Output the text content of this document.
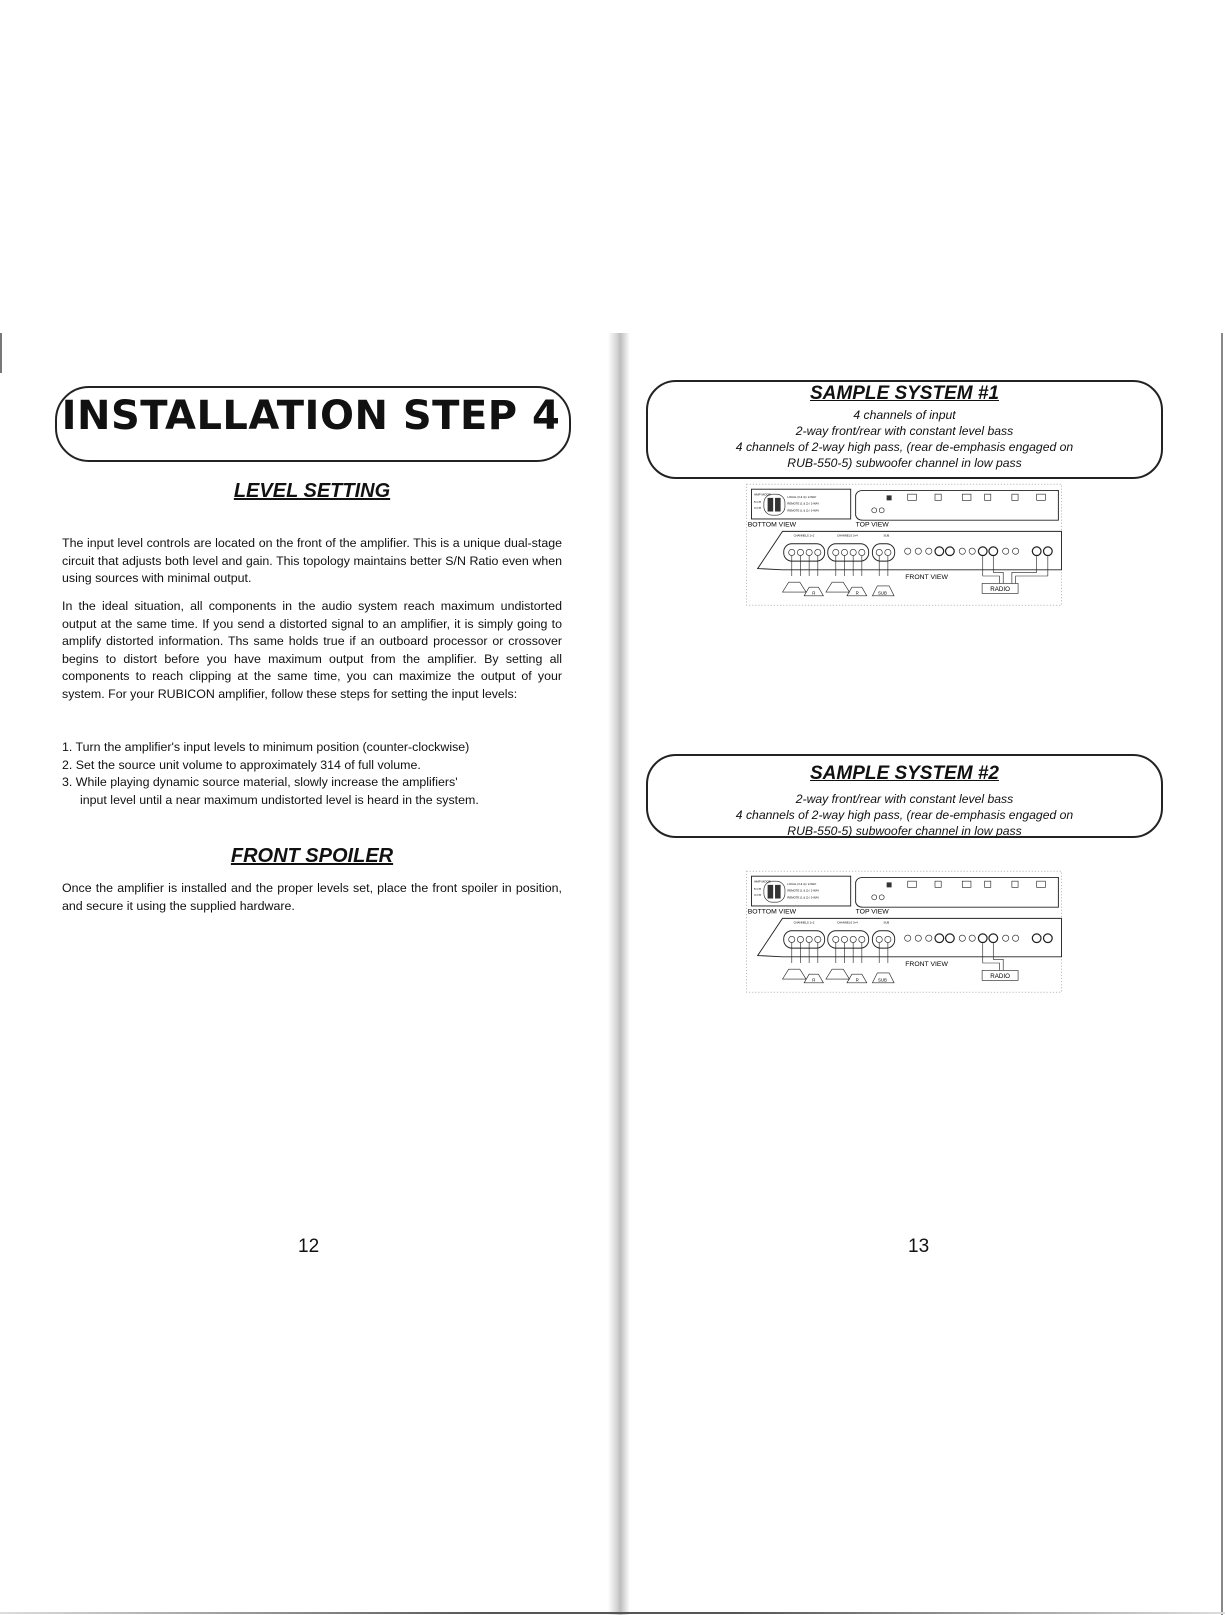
INSTALLATION STEP 4
LEVEL SETTING
The input level controls are located on the front of the amplifier. This is a unique dual-stage circuit that adjusts both level and gain. This topology maintains better S/N Ratio even when using sources with minimal output.
In the ideal situation, all components in the audio system reach maximum undistorted output at the same time. If you send a distorted signal to an amplifier, it is simply going to amplify distorted information. Ths same holds true if an outboard processor or crossover begins to distort before you have maximum output from the amplifier. By setting all components to reach clipping at the same time, you can maximize the output of your system. For your RUBICON amplifier, follow these steps for setting the input levels:
1. Turn the amplifier's input levels to minimum position (counter-clockwise)
2. Set the source unit volume to approximately 314 of full volume.
3. While playing dynamic source material, slowly increase the amplifiers'
input level until a near maximum undistorted level is heard in the system.
FRONT SPOILER
Once the amplifier is installed and the proper levels set, place the front spoiler in position, and secure it using the supplied hardware.
12
SAMPLE SYSTEM #1
4 channels of input
2-way front/rear with constant level bass
4 channels of 2-way high pass, (rear de-emphasis engaged on
RUB-550-5) subwoofer channel in low pass
AMP MODE
5 CH
3 CH
LOCAL (3 & 4) / 2-WAY
REMOTE (1 & 2) / 2-WAY
REMOTE (1 & 2) / 3-WAY
BOTTOM VIEW	TOP VIEW
CHANNELS 1+2	CHANNELS 3+4	SUB
FRONT VIEW
RADIO
R	R	SUB
SAMPLE SYSTEM #2
2-way front/rear with constant level bass
4 channels of 2-way high pass, (rear de-emphasis engaged on
RUB-550-5) subwoofer channel in low pass
AMP MODE
5 CH
3 CH
LOCAL (3 & 4) / 2-WAY
REMOTE (1 & 2) / 2-WAY
REMOTE (1 & 2) / 3-WAY
BOTTOM VIEW	TOP VIEW
CHANNELS 1+2	CHANNELS 3+4	SUB
FRONT VIEW
RADIO
R	R	SUB
13
